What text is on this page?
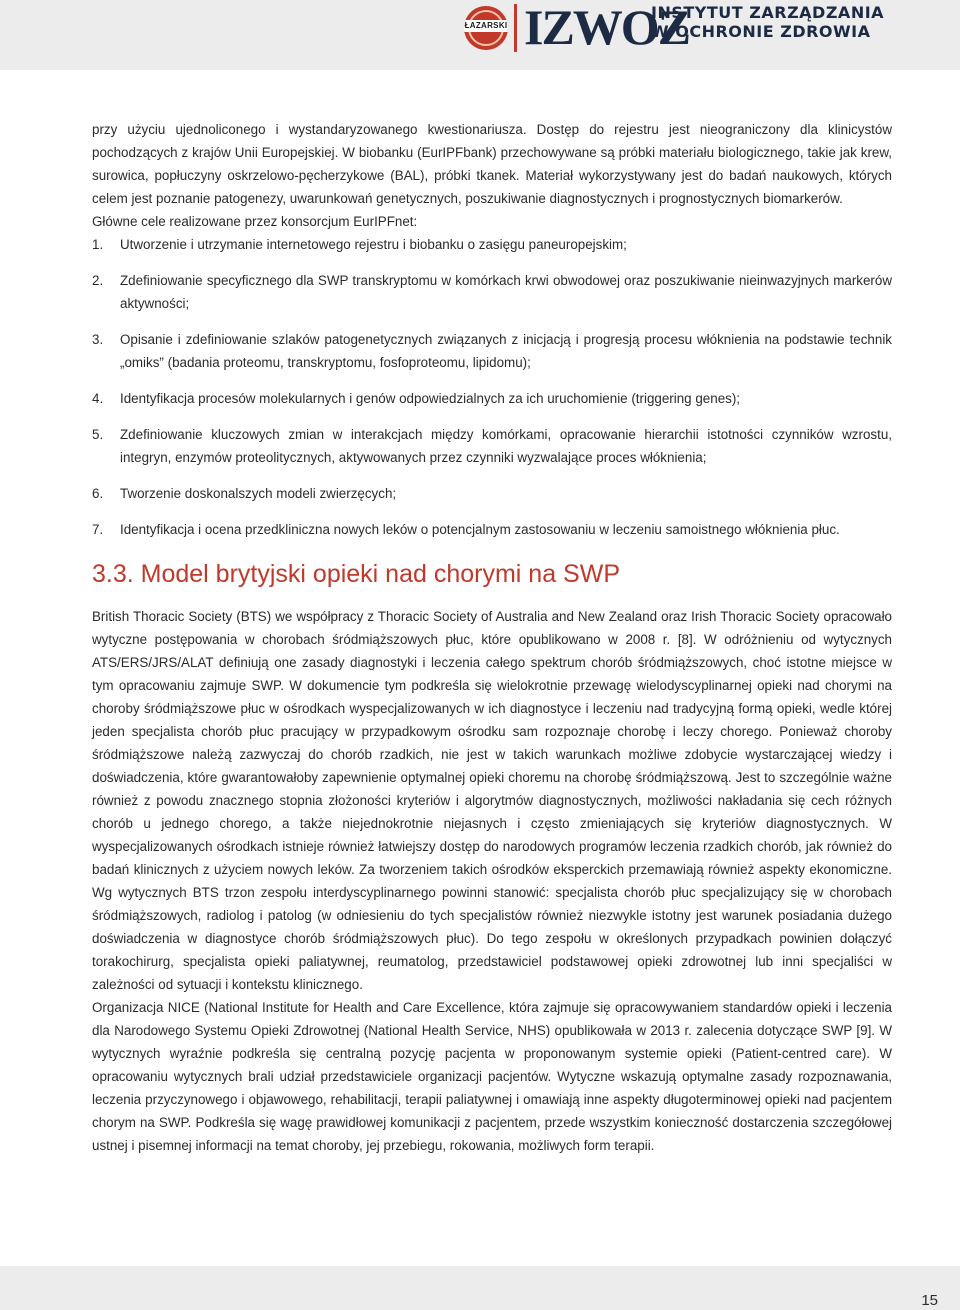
ŁAZARSKI IZWOZ
INSTYTUT ZARZĄDZANIA
W OCHRONIE ZDROWIA

przy użyciu ujednoliconego i wystandaryzowanego kwestionariusza. Dostęp do rejestru jest nieograniczony dla klinicystów pochodzących z krajów Unii Europejskiej. W biobanku (EurIPFbank) przechowywane są próbki materiału biologicznego, takie jak krew, surowica, popłuczyny oskrzelowo-pęcherzykowe (BAL), próbki tkanek. Materiał wykorzystywany jest do badań naukowych, których celem jest poznanie patogenezy, uwarunkowań genetycznych, poszukiwanie diagnostycznych i prognostycznych biomarkerów.

Główne cele realizowane przez konsorcjum EurIPFnet:

1.	Utworzenie i utrzymanie internetowego rejestru i biobanku o zasięgu paneuropejskim;
2.	Zdefiniowanie specyficznego dla SWP transkryptomu w komórkach krwi obwodowej oraz poszukiwanie nieinwazyjnych markerów aktywności;
3.	Opisanie i zdefiniowanie szlaków patogenetycznych związanych z inicjacją i progresją procesu włóknienia na podstawie technik „omiks” (badania proteomu, transkryptomu, fosfoproteomu, lipidomu);
4.	Identyfikacja procesów molekularnych i genów odpowiedzialnych za ich uruchomienie (triggering genes);
5.	Zdefiniowanie kluczowych zmian w interakcjach między komórkami, opracowanie hierarchii istotności czynników wzrostu, integryn, enzymów proteolitycznych, aktywowanych przez czynniki wyzwalające proces włóknienia;
6.	Tworzenie doskonalszych modeli zwierzęcych;
7.	Identyfikacja i ocena przedkliniczna nowych leków o potencjalnym zastosowaniu w leczeniu samoistnego włóknienia płuc.
3.3. Model brytyjski opieki nad chorymi na SWP

British Thoracic Society (BTS) we współpracy z Thoracic Society of Australia and New Zealand oraz Irish Thoracic Society opracowało wytyczne postępowania w chorobach śródmiąższowych płuc, które opublikowano w 2008 r. [8]. W odróżnieniu od wytycznych ATS/ERS/JRS/ALAT definiują one zasady diagnostyki i leczenia całego spektrum chorób śródmiąższowych, choć istotne miejsce w tym opracowaniu zajmuje SWP. W dokumencie tym podkreśla się wielokrotnie przewagę wielodyscyplinarnej opieki nad chorymi na choroby śródmiąższowe płuc w ośrodkach wyspecjalizowanych w ich diagnostyce i leczeniu nad tradycyjną formą opieki, wedle której jeden specjalista chorób płuc pracujący w przypadkowym ośrodku sam rozpoznaje chorobę i leczy chorego. Ponieważ choroby śródmiąższowe należą zazwyczaj do chorób rzadkich, nie jest w takich warunkach możliwe zdobycie wystarczającej wiedzy i doświadczenia, które gwarantowałoby zapewnienie optymalnej opieki choremu na chorobę śródmiąższową. Jest to szczególnie ważne również z powodu znacznego stopnia złożoności kryteriów i algorytmów diagnostycznych, możliwości nakładania się cech różnych chorób u jednego chorego, a także niejednokrotnie niejasnych i często zmieniających się kryteriów diagnostycznych. W wyspecjalizowanych ośrodkach istnieje również łatwiejszy dostęp do narodowych programów leczenia rzadkich chorób, jak również do badań klinicznych z użyciem nowych leków. Za tworzeniem takich ośrodków eksperckich przemawiają również aspekty ekonomiczne. Wg wytycznych BTS trzon zespołu interdyscyplinarnego powinni stanowić: specjalista chorób płuc specjalizujący się w chorobach śródmiąższowych, radiolog i patolog (w odniesieniu do tych specjalistów również niezwykle istotny jest warunek posiadania dużego doświadczenia w diagnostyce chorób śródmiąższowych płuc). Do tego zespołu w określonych przypadkach powinien dołączyć torakochirurg, specjalista opieki paliatywnej, reumatolog, przedstawiciel podstawowej opieki zdrowotnej lub inni specjaliści w zależności od sytuacji i kontekstu klinicznego.

Organizacja NICE (National Institute for Health and Care Excellence, która zajmuje się opracowywaniem standardów opieki i leczenia dla Narodowego Systemu Opieki Zdrowotnej (National Health Service, NHS) opublikowała w 2013 r. zalecenia dotyczące SWP [9]. W wytycznych wyraźnie podkreśla się centralną pozycję pacjenta w proponowanym systemie opieki (Patient-centred care). W opracowaniu wytycznych brali udział przedstawiciele organizacji pacjentów. Wytyczne wskazują optymalne zasady rozpoznawania, leczenia przyczynowego i objawowego, rehabilitacji, terapii paliatywnej i omawiają inne aspekty długoterminowej opieki nad pacjentem chorym na SWP. Podkreśla się wagę prawidłowej komunikacji z pacjentem, przede wszystkim konieczność dostarczenia szczegółowej ustnej i pisemnej informacji na temat choroby, jej przebiegu, rokowania, możliwych form terapii.

15
